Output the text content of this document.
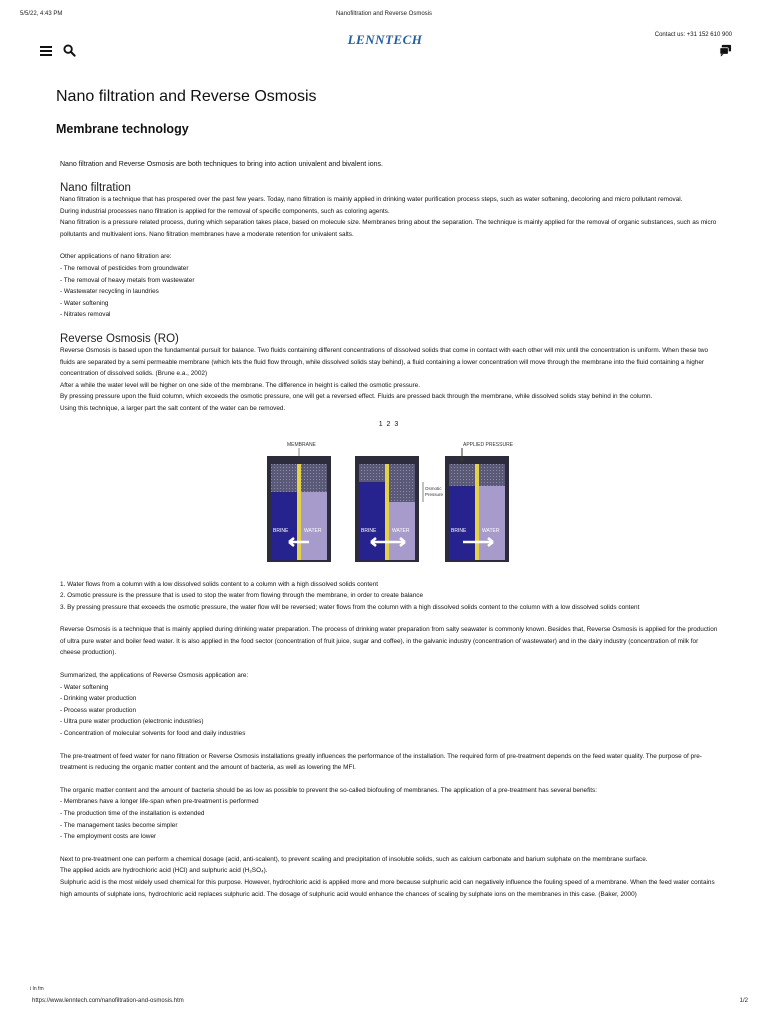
5/5/22, 4:43 PM	Nanofiltration and Reverse Osmosis
LENNTECH	Contact us: +31 152 610 900
Nano filtration and Reverse Osmosis
Membrane technology

Nano filtration and Reverse Osmosis are both techniques to bring into action univalent and bivalent ions.

Nano filtration

Nano filtration is a technique that has prospered over the past few years. Today, nano filtration is mainly applied in drinking water purification process steps, such as water softening, decoloring and micro pollutant removal.

During industrial processes nano filtration is applied for the removal of specific components, such as coloring agents.

Nano filtration is a pressure related process, during which separation takes place, based on molecule size. Membranes bring about the separation. The technique is mainly applied for the removal of organic substances, such as micro pollutants and multivalent ions. Nano filtration membranes have a moderate retention for univalent salts.

Other applications of nano filtration are:

- The removal of pesticides from groundwater
- The removal of heavy metals from wastewater
- Wastewater recycling in laundries
- Water softening
- Nitrates removal
Reverse Osmosis (RO)

Reverse Osmosis is based upon the fundamental pursuit for balance. Two fluids containing different concentrations of dissolved solids that come in contact with each other will mix until the concentration is uniform. When these two fluids are separated by a semi permeable membrane (which lets the fluid flow through, while dissolved solids stay behind), a fluid containing a lower concentration will move through the membrane into the fluid containing a higher concentration of dissolved solids. (Brune e.a., 2002)

After a while the water level will be higher on one side of the membrane. The difference in height is called the osmotic pressure.

By pressing pressure upon the fluid column, which exceeds the osmotic pressure, one will get a reversed effect. Fluids are pressed back through the membrane, while dissolved solids stay behind in the column.

Using this technique, a larger part the salt content of the water can be removed.

1 2 3
BRINE	WATER
MEMBRANE
BRINE	WATER
Osmotic
Pressure
BRINE	WATER
APPLIED PRESSURE
1. Water flows from a column with a low dissolved solids content to a column with a high dissolved solids content
2. Osmotic pressure is the pressure that is used to stop the water from flowing through the membrane, in order to create balance
3. By pressing pressure that exceeds the osmotic pressure, the water flow will be reversed; water flows from the column with a high dissolved solids content to the column with a low dissolved solids content

Reverse Osmosis is a technique that is mainly applied during drinking water preparation. The process of drinking water preparation from salty seawater is commonly known. Besides that, Reverse Osmosis is applied for the production of ultra pure water and boiler feed water. It is also applied in the food sector (concentration of fruit juice, sugar and coffee), in the galvanic industry (concentration of wastewater) and in the dairy industry (concentration of milk for cheese production).

Summarized, the applications of Reverse Osmosis application are:

- Water softening
- Drinking water production
- Process water production
- Ultra pure water production (electronic industries)
- Concentration of molecular solvents for food and daily industries

The pre-treatment of feed water for nano filtration or Reverse Osmosis installations greatly influences the performance of the installation. The required form of pre-treatment depends on the feed water quality. The purpose of pre-treatment is reducing the organic matter content and the amount of bacteria, as well as lowering the MFI.

The organic matter content and the amount of bacteria should be as low as possible to prevent the so-called biofouling of membranes. The application of a pre-treatment has several benefits:

- Membranes have a longer life-span when pre-treatment is performed
- The production time of the installation is extended
- The management tasks become simpler
- The employment costs are lower

Next to pre-treatment one can perform a chemical dosage (acid, anti-scalent), to prevent scaling and precipitation of insoluble solids, such as calcium carbonate and barium sulphate on the membrane surface.

The applied acids are hydrochloric acid (HCl) and sulphuric acid (H₂SO₄).

Sulphuric acid is the most widely used chemical for this purpose. However, hydrochloric acid is applied more and more because sulphuric acid can negatively influence the fouling speed of a membrane. When the feed water contains high amounts of sulphate ions, hydrochloric acid replaces sulphuric acid. The dosage of sulphuric acid would enhance the chances of scaling by sulphate ions on the membranes in this case. (Baker, 2000)

i In fm
https://www.lenntech.com/nanofiltration-and-osmosis.htm	1/2
